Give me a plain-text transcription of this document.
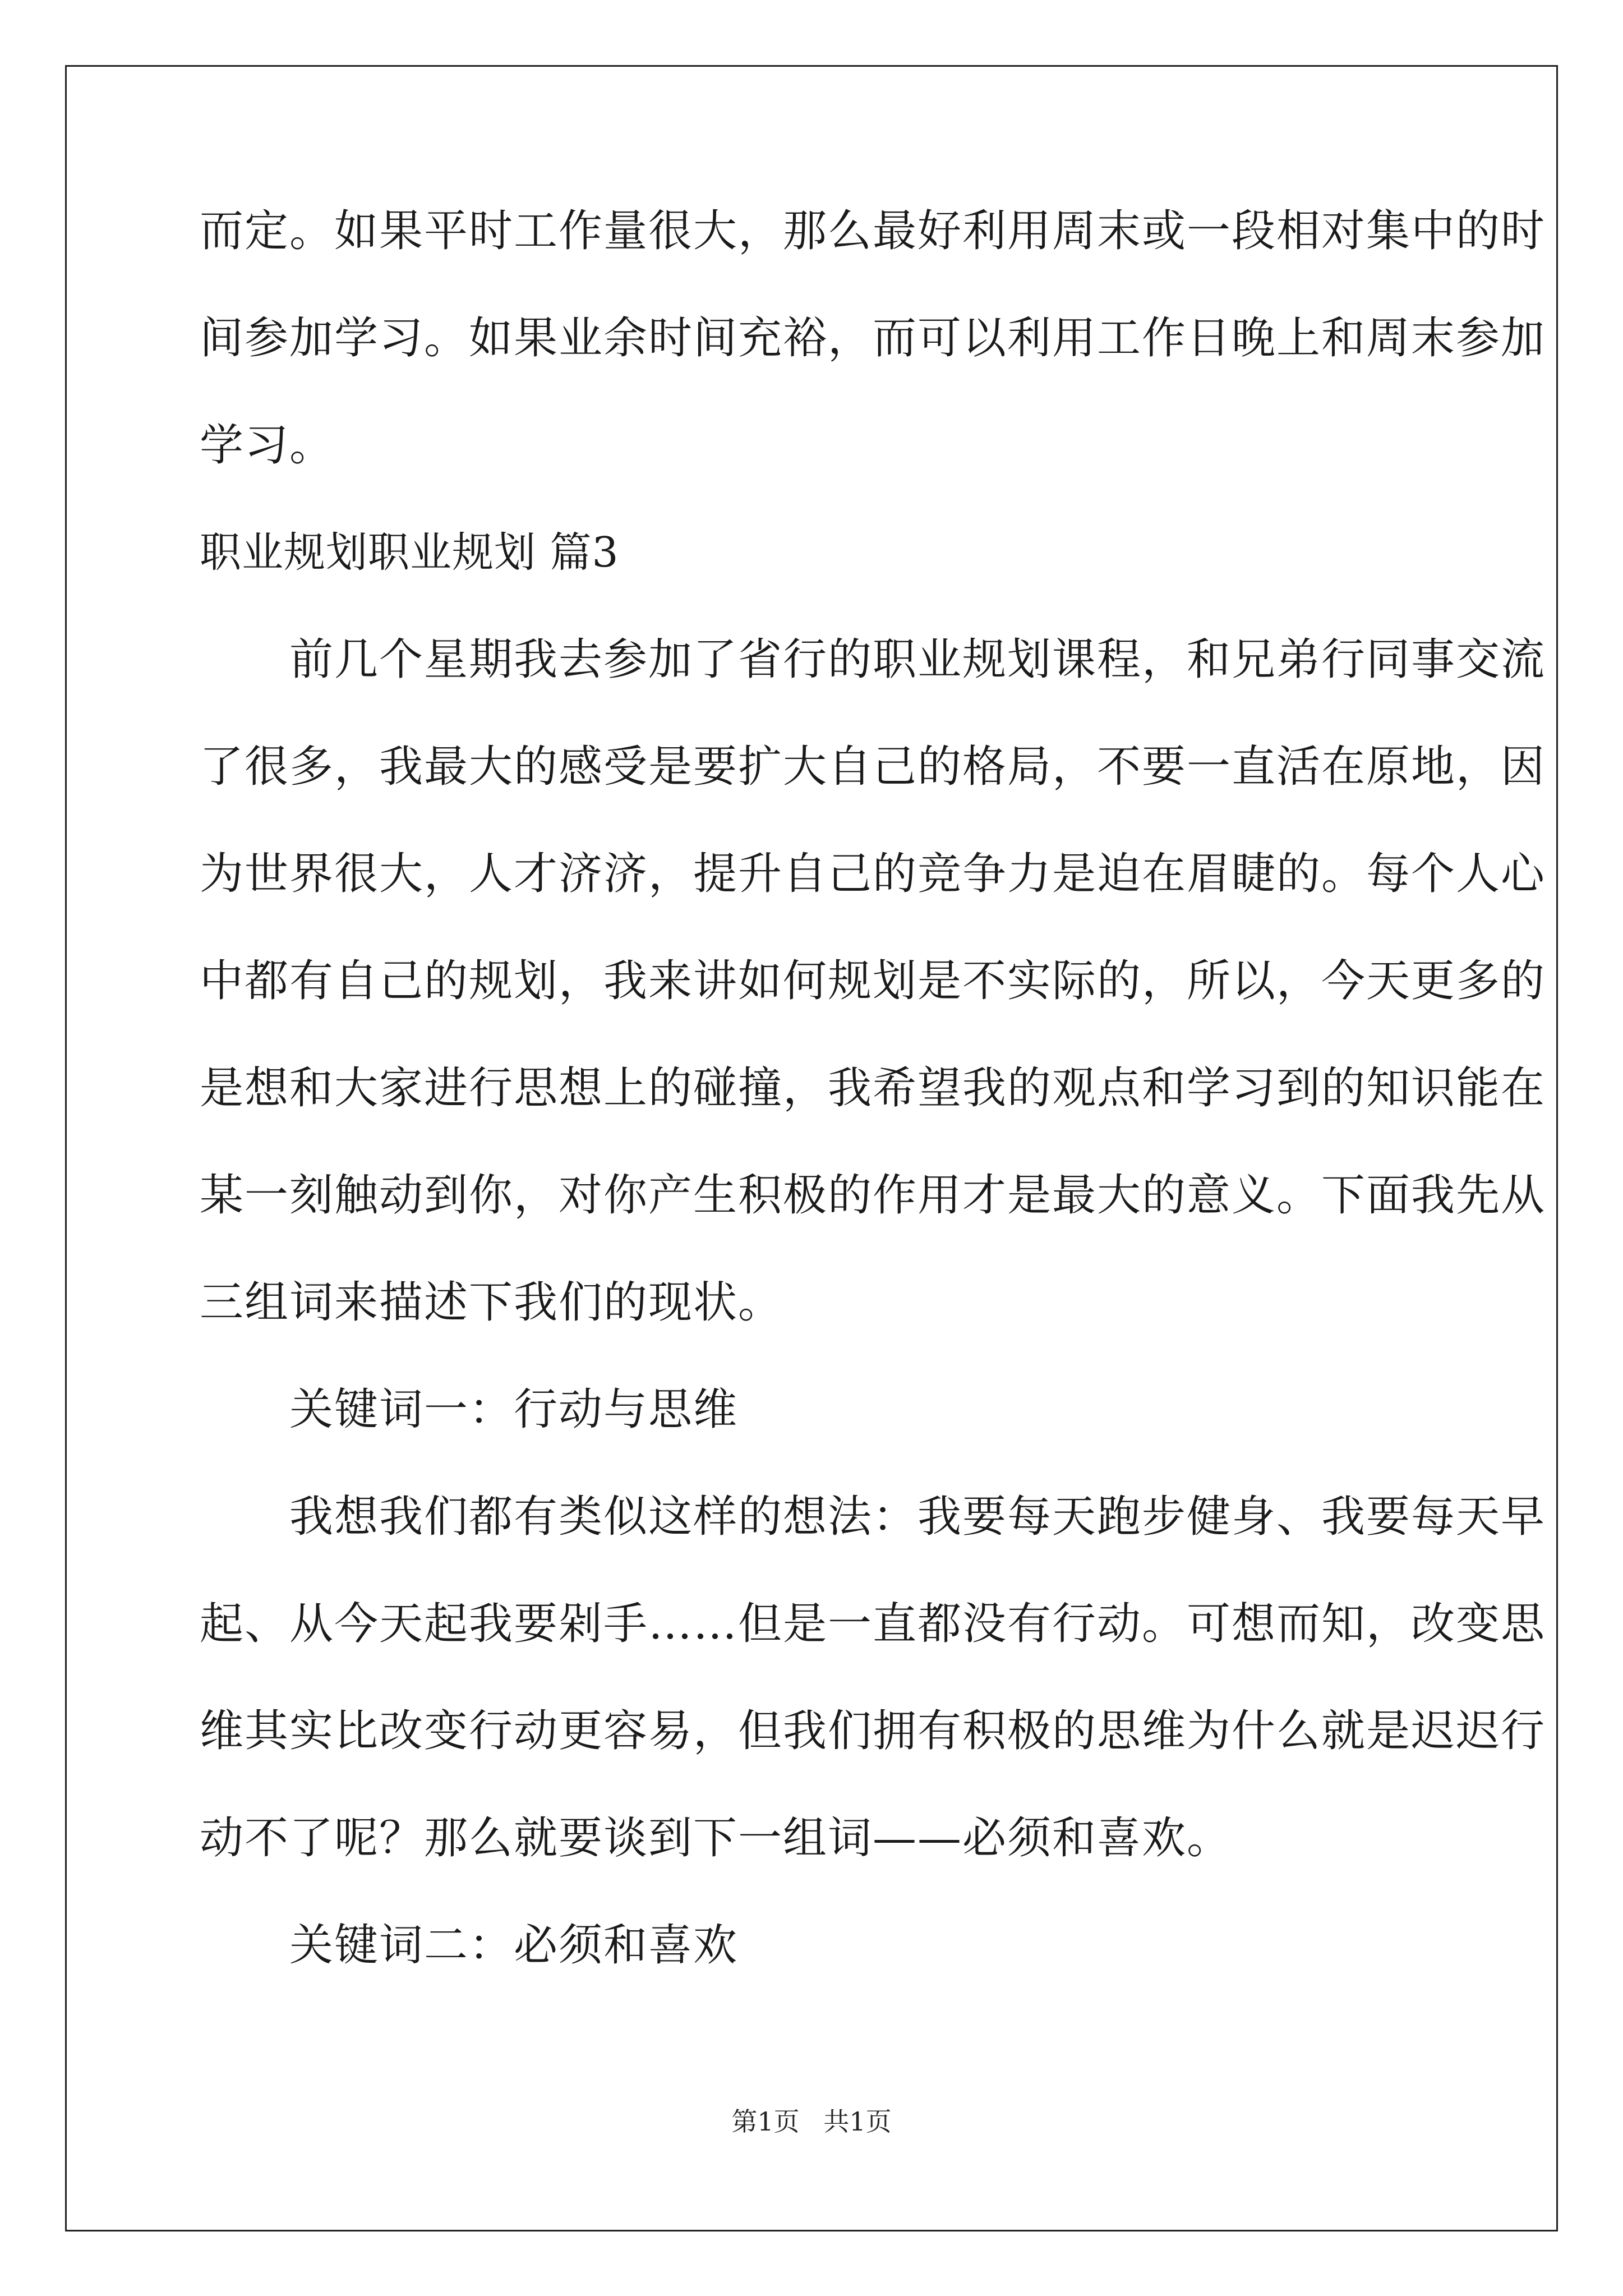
而定。如果平时工作量很大，那么最好利用周末或一段相对集中的时
间参加学习。如果业余时间充裕，而可以利用工作日晚上和周末参加
学习。
职业规划职业规划 篇3
前几个星期我去参加了省行的职业规划课程，和兄弟行同事交流
了很多，我最大的感受是要扩大自己的格局，不要一直活在原地，因
为世界很大，人才济济，提升自己的竞争力是迫在眉睫的。每个人心
中都有自己的规划，我来讲如何规划是不实际的，所以，今天更多的
是想和大家进行思想上的碰撞，我希望我的观点和学习到的知识能在
某一刻触动到你，对你产生积极的作用才是最大的意义。下面我先从
三组词来描述下我们的现状。
关键词一：行动与思维
我想我们都有类似这样的想法：我要每天跑步健身、我要每天早
起、从今天起我要剁手……但是一直都没有行动。可想而知，改变思
维其实比改变行动更容易，但我们拥有积极的思维为什么就是迟迟行
动不了呢？那么就要谈到下一组词——必须和喜欢。
关键词二：必须和喜欢
第1页 共1页
